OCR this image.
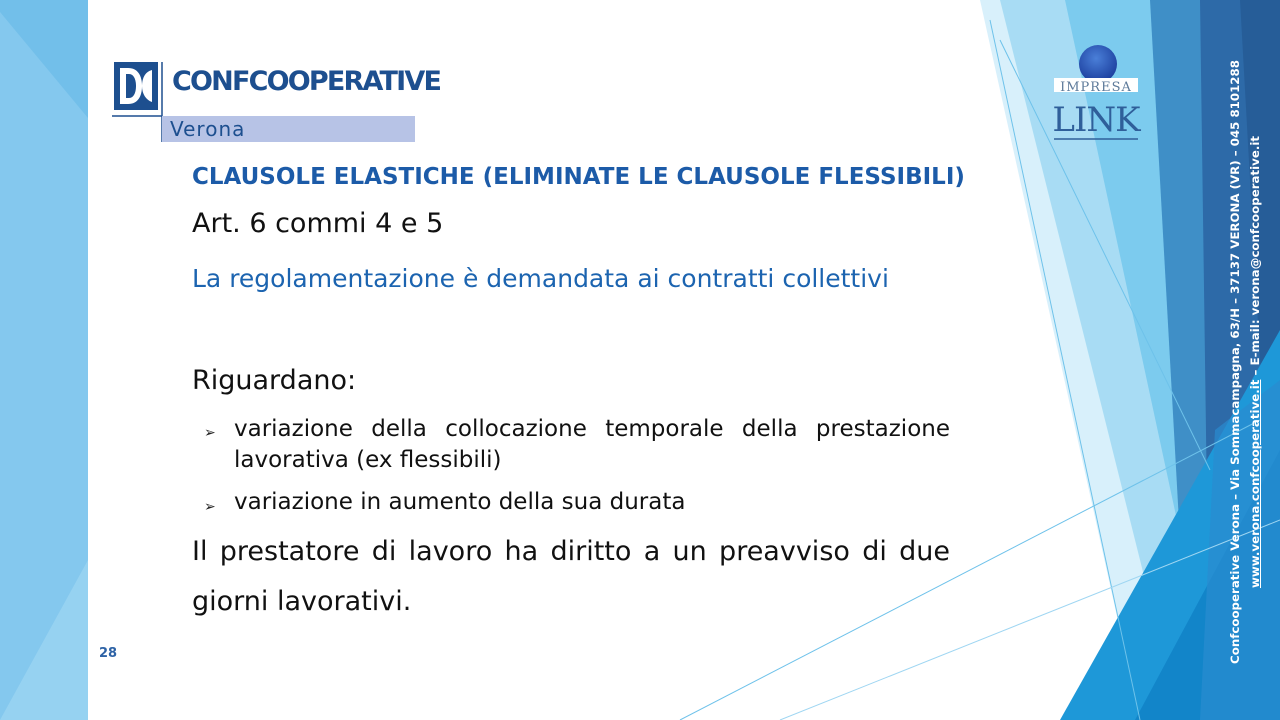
CONFCOOPERATIVE
Verona
IMPRESA
LINK
CLAUSOLE ELASTICHE (ELIMINATE LE CLAUSOLE FLESSIBILI)
Art. 6 commi 4 e 5
La regolamentazione è demandata ai contratti collettivi
Riguardano:
➢ variazione della collocazione temporale della prestazione lavorativa (ex flessibili)
➢ variazione in aumento della sua durata
Il prestatore di lavoro ha diritto a un preavviso di due giorni lavorativi.
28	Confcooperative Verona – Via Sommacampagna, 63/H – 37137 VERONA (VR) – 045 8101288 www.verona.confcooperative.it – E-mail: verona@confcooperative.it
